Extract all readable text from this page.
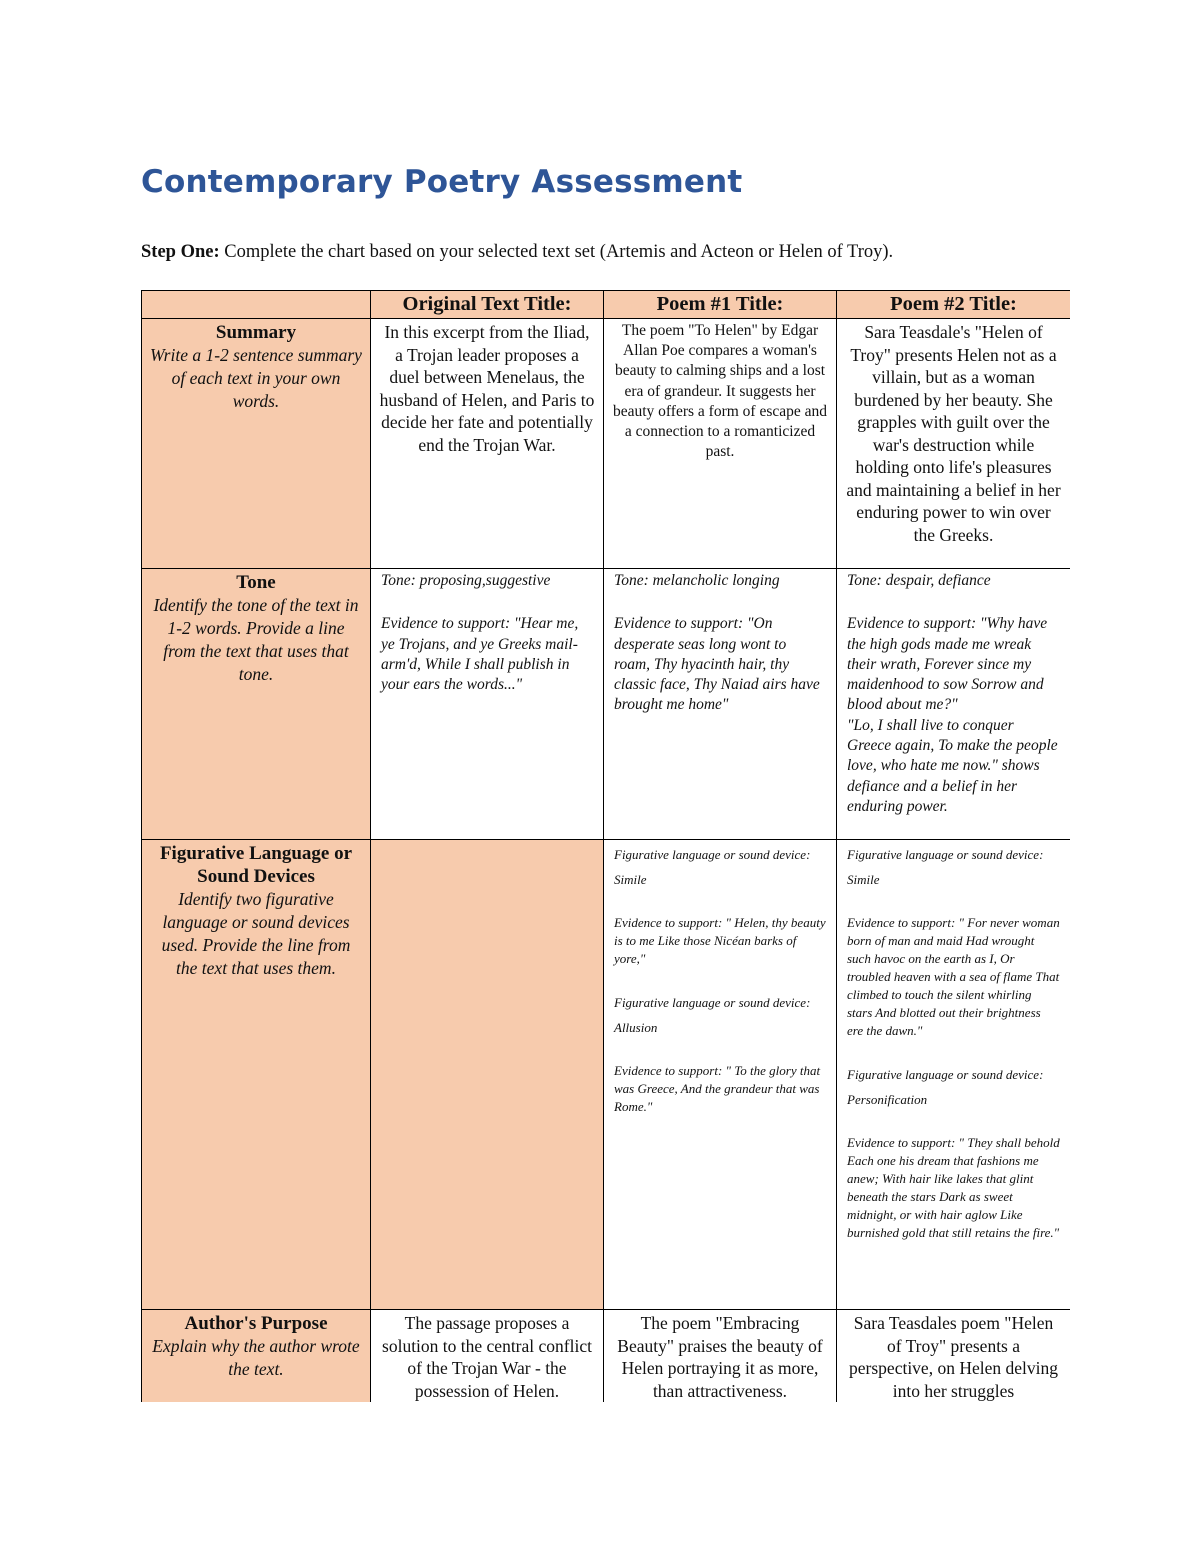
Contemporary Poetry Assessment
Step One: Complete the chart based on your selected text set (Artemis and Acteon or Helen of Troy).
Original Text Title:	Poem #1 Title:	Poem #2 Title:
Summary
Write a 1-2 sentence summary of each text in your own words.
In this excerpt from the Iliad, a Trojan leader proposes a duel between Menelaus, the husband of Helen, and Paris to decide her fate and potentially end the Trojan War.
The poem "To Helen" by Edgar Allan Poe compares a woman's beauty to calming ships and a lost era of grandeur. It suggests her beauty offers a form of escape and a connection to a romanticized past.
Sara Teasdale's "Helen of Troy" presents Helen not as a villain, but as a woman burdened by her beauty. She grapples with guilt over the war's destruction while holding onto life's pleasures and maintaining a belief in her enduring power to win over the Greeks.
Tone
Identify the tone of the text in 1-2 words. Provide a line from the text that uses that tone.

Tone: proposing,suggestive

Evidence to support: "Hear me, ye Trojans, and ye Greeks mail-arm'd, While I shall publish in your ears the words..."

Tone: melancholic longing

Evidence to support: "On desperate seas long wont to roam, Thy hyacinth hair, thy classic face, Thy Naiad airs have brought me home"

Tone: despair, defiance

Evidence to support: "Why have the high gods made me wreak their wrath, Forever since my maidenhood to sow Sorrow and blood about me?"

"Lo, I shall live to conquer Greece again, To make the people love, who hate me now." shows defiance and a belief in her enduring power.

Figurative Language or Sound Devices
Identify two figurative language or sound devices used. Provide the line from the text that uses them.

Figurative language or sound device: Simile

Evidence to support: " Helen, thy beauty is to me Like those Nicéan barks of yore,"

Figurative language or sound device: Allusion

Evidence to support: " To the glory that was Greece, And the grandeur that was Rome."

Figurative language or sound device: Simile

Evidence to support: " For never woman born of man and maid Had wrought such havoc on the earth as I, Or troubled heaven with a sea of flame That climbed to touch the silent whirling stars And blotted out their brightness ere the dawn."

Figurative language or sound device: Personification

Evidence to support: " They shall behold Each one his dream that fashions me anew; With hair like lakes that glint beneath the stars Dark as sweet midnight, or with hair aglow Like burnished gold that still retains the fire."

Author's Purpose
Explain why the author wrote the text.
The passage proposes a solution to the central conflict of the Trojan War - the possession of Helen.
The poem "Embracing Beauty" praises the beauty of Helen portraying it as more, than attractiveness.
Sara Teasdales poem "Helen of Troy" presents a perspective, on Helen delving into her struggles
